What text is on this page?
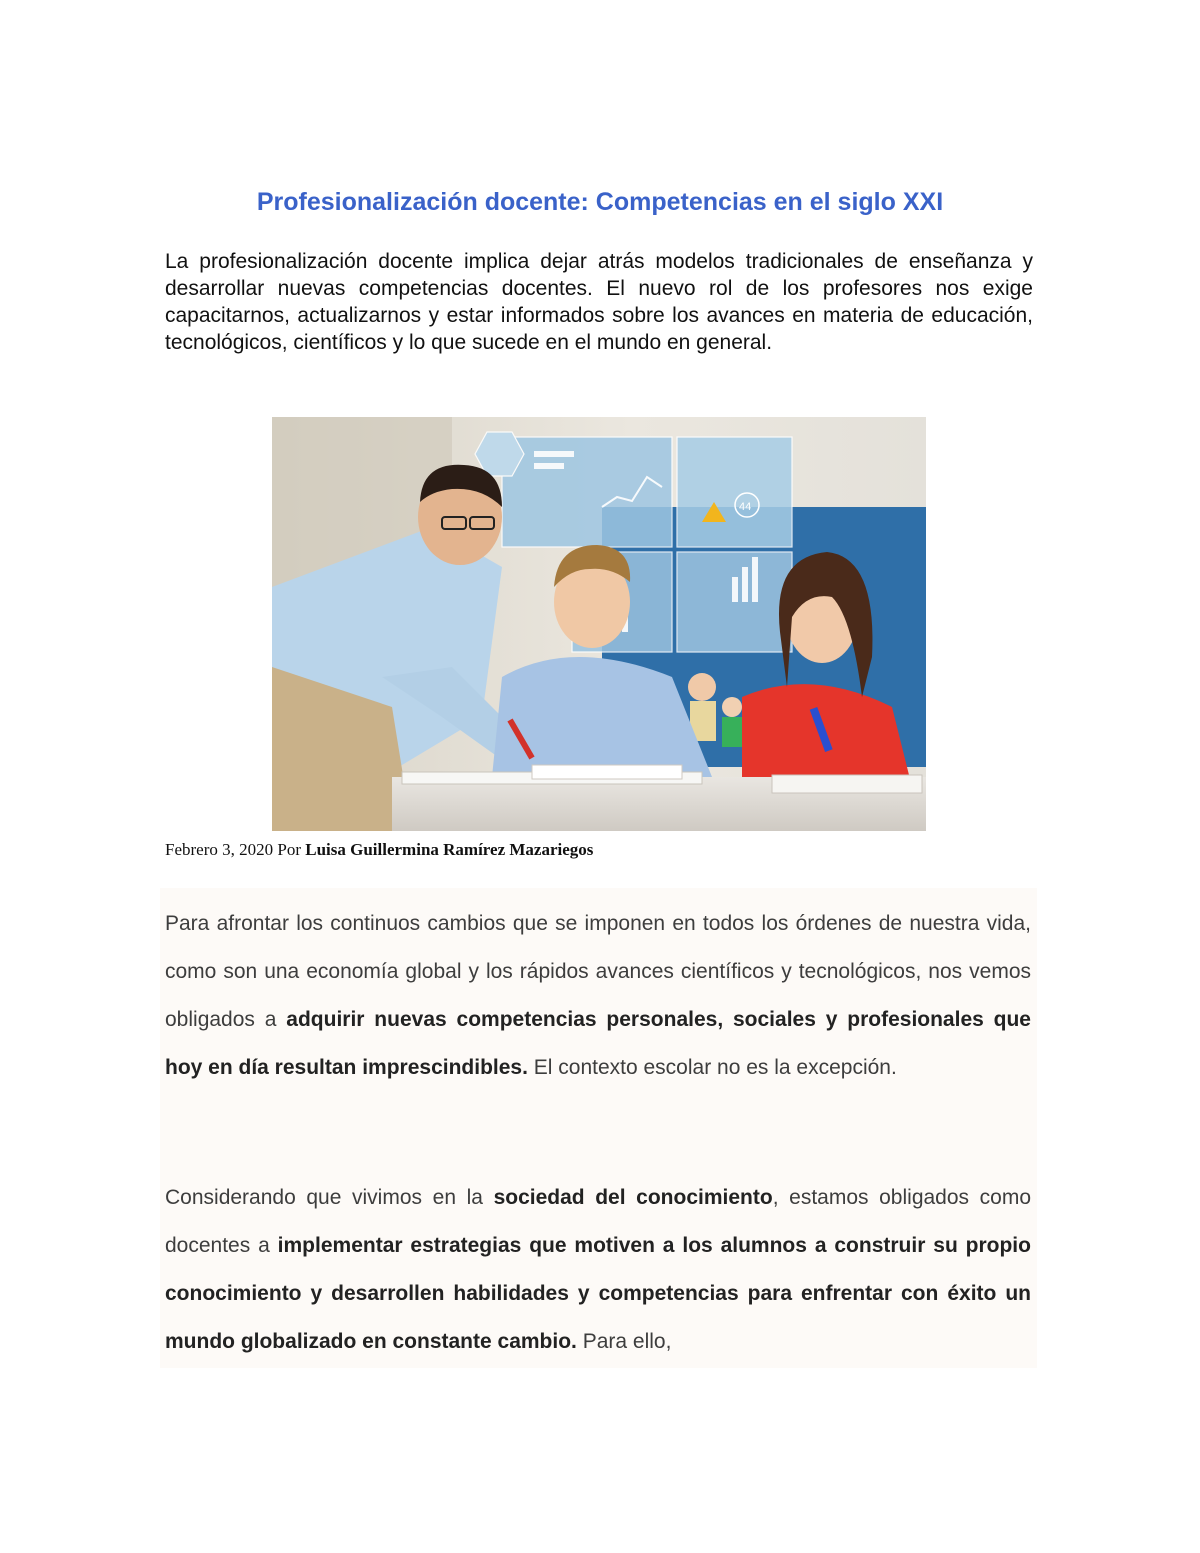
Profesionalización docente: Competencias en el siglo XXI

La profesionalización docente implica dejar atrás modelos tradicionales de enseñanza y desarrollar nuevas competencias docentes. El nuevo rol de los profesores nos exige capacitarnos, actualizarnos y estar informados sobre los avances en materia de educación, tecnológicos, científicos y lo que sucede en el mundo en general.

44

Febrero 3, 2020 Por Luisa Guillermina Ramírez Mazariegos

Para afrontar los continuos cambios que se imponen en todos los órdenes de nuestra vida, como son una economía global y los rápidos avances científicos y tecnológicos, nos vemos obligados a adquirir nuevas competencias personales, sociales y profesionales que hoy en día resultan imprescindibles. El contexto escolar no es la excepción.

Considerando que vivimos en la sociedad del conocimiento, estamos obligados como docentes a implementar estrategias que motiven a los alumnos a construir su propio conocimiento y desarrollen habilidades y competencias para enfrentar con éxito un mundo globalizado en constante cambio. Para ello,
